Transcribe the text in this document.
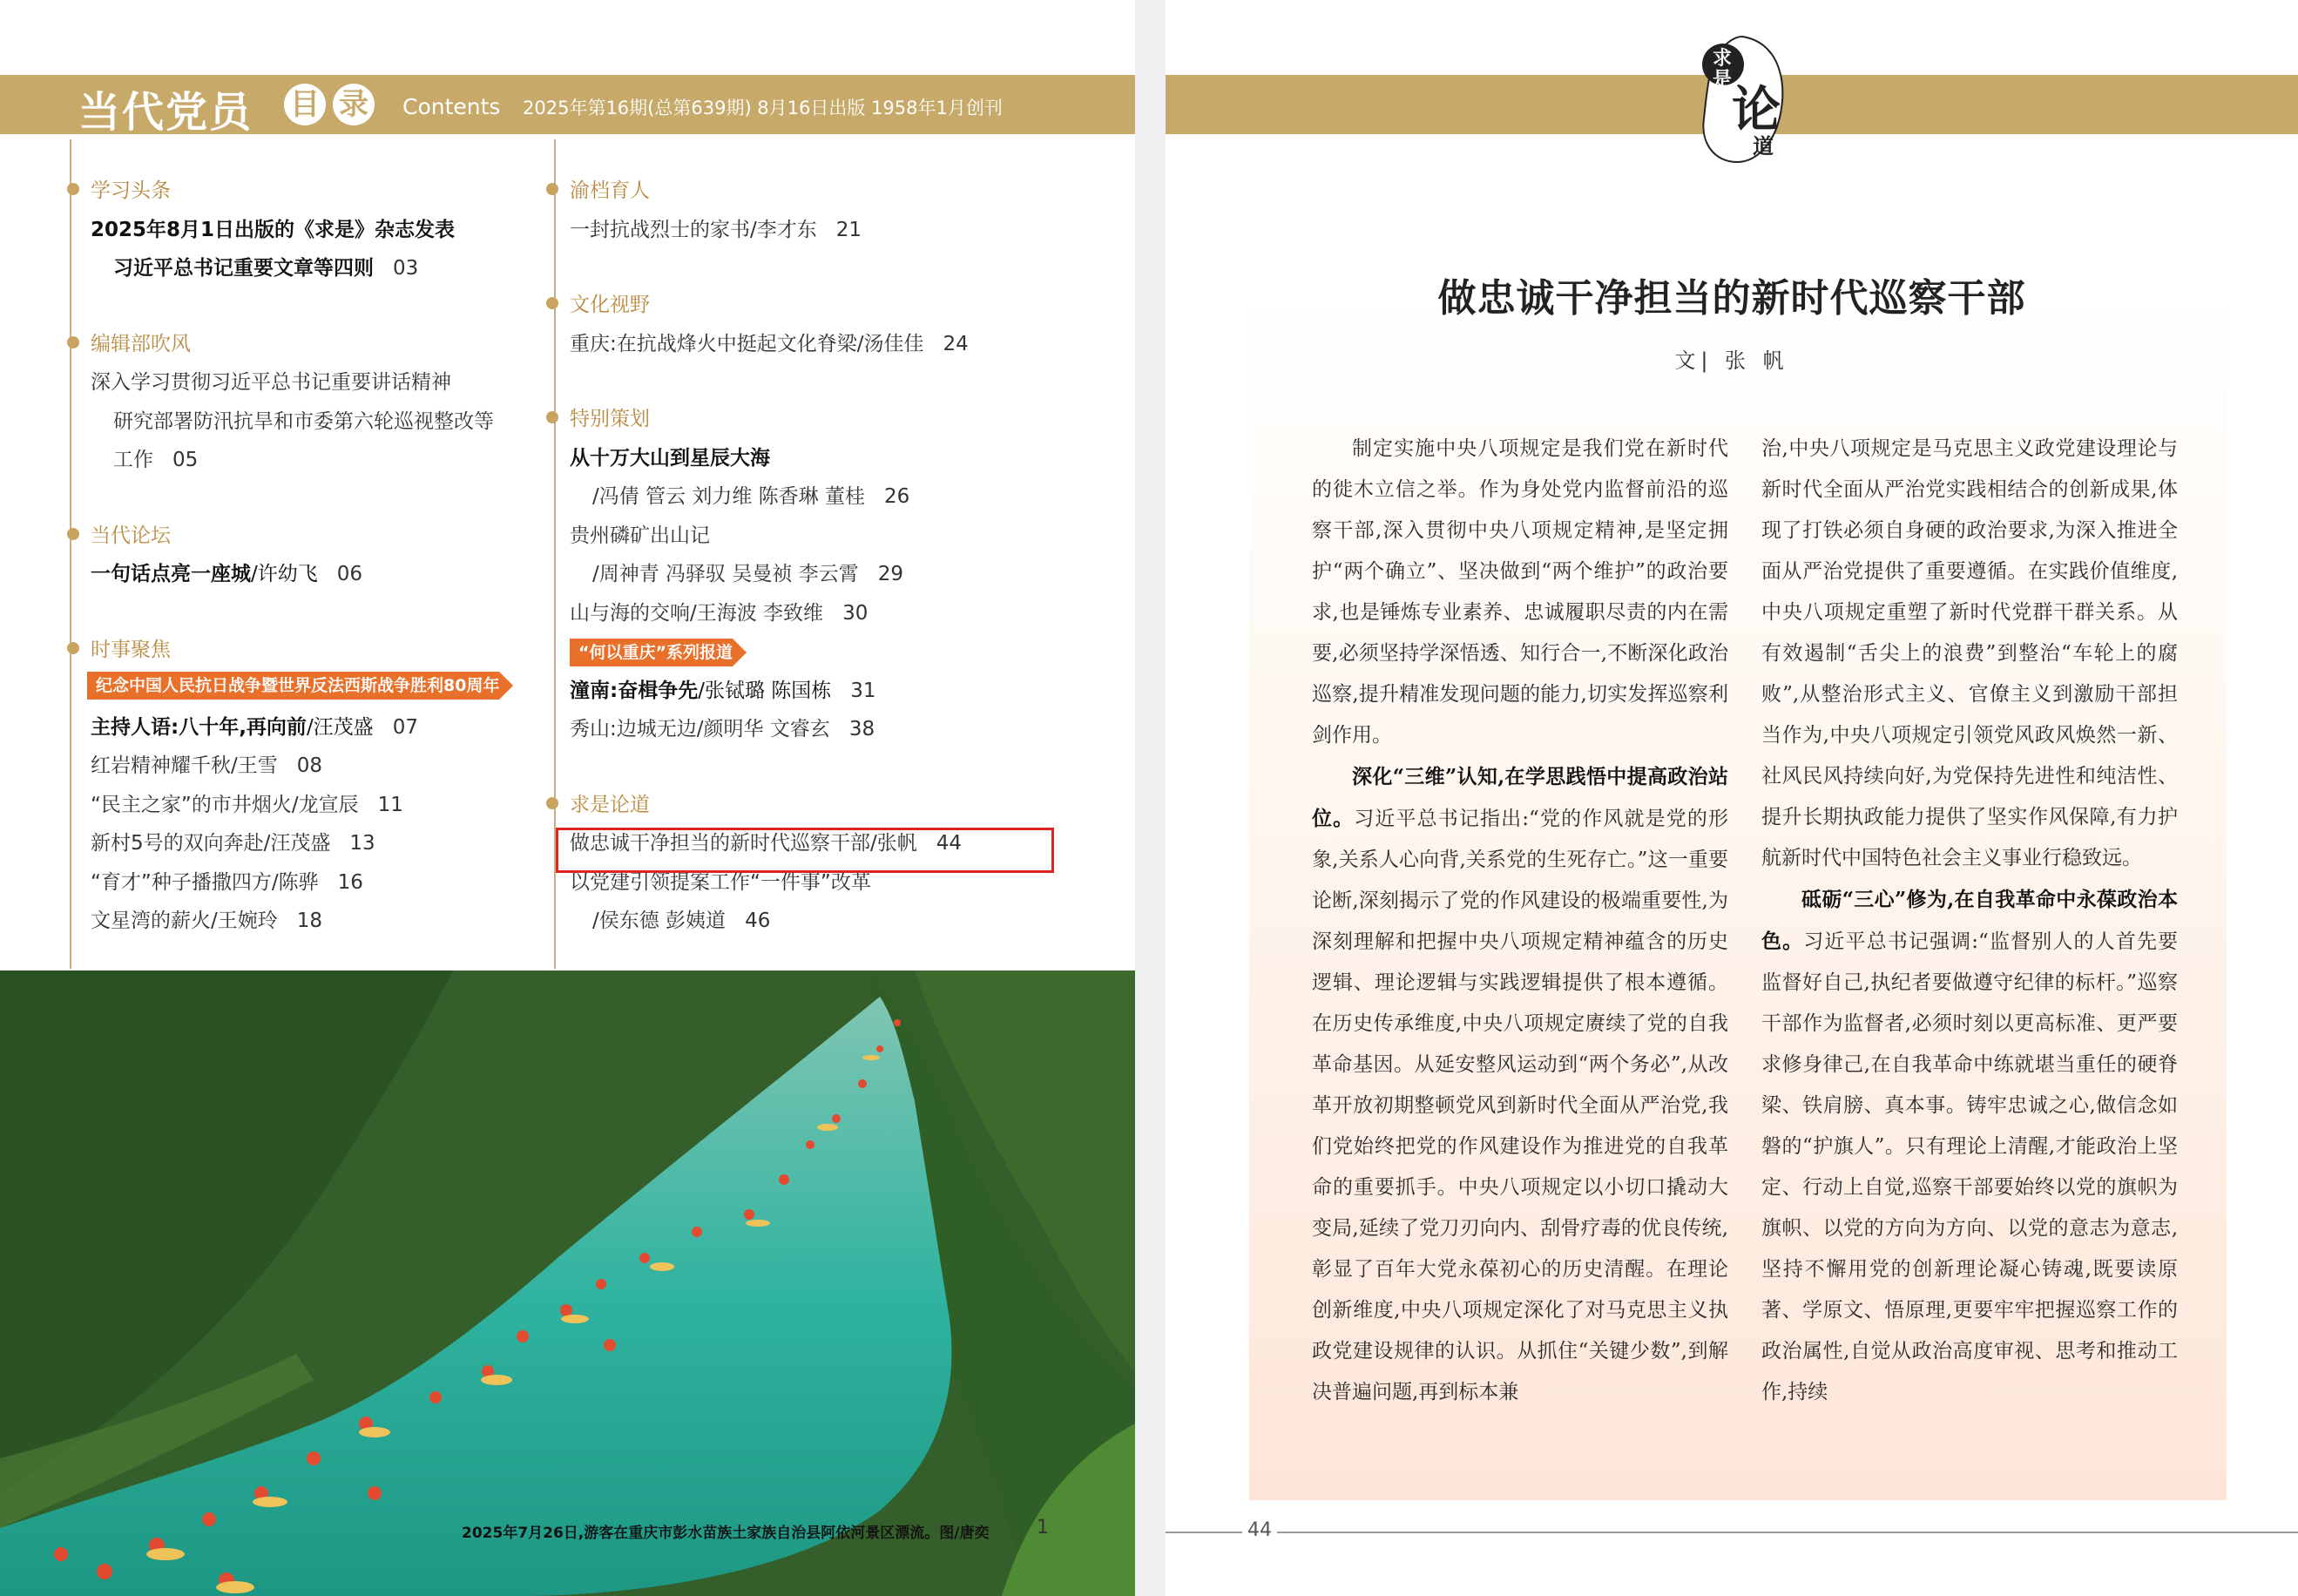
当代党员 目 录 Contents 2025年第16期(总第639期) 8月16日出版 1958年1月创刊
学习头条
2025年8月1日出版的《求是》杂志发表
习近平总书记重要文章等四则 03
编辑部吹风
深入学习贯彻习近平总书记重要讲话精神
研究部署防汛抗旱和市委第六轮巡视整改等
工作 05
当代论坛
一句话点亮一座城/许幼飞 06
时事聚焦
纪念中国人民抗日战争暨世界反法西斯战争胜利80周年
主持人语:八十年,再向前/汪茂盛 07
红岩精神耀千秋/王雪 08
“民主之家”的市井烟火/龙宣辰 11
新村5号的双向奔赴/汪茂盛 13
“育才”种子播撒四方/陈骅 16
文星湾的薪火/王婉玲 18
渝档育人
一封抗战烈士的家书/李才东 21
文化视野
重庆:在抗战烽火中挺起文化脊梁/汤佳佳 24
特别策划
从十万大山到星辰大海
/冯倩 管云 刘力维 陈香琳 董桂 26
贵州磷矿出山记
/周神青 冯驿驭 吴曼祯 李云霄 29
山与海的交响/王海波 李致维 30
“何以重庆”系列报道
潼南:奋楫争先/张铽璐 陈国栋 31
秀山:边城无边/颜明华 文睿玄 38
求是论道
做忠诚干净担当的新时代巡察干部/张帆 44
以党建引领提案工作“一件事”改革
/侯东德 彭姨道 46
2025年7月26日,游客在重庆市彭水苗族土家族自治县阿依河景区漂流。图/唐奕 1
求
是
论
道
做忠诚干净担当的新时代巡察干部
文| 张 帆

制定实施中央八项规定是我们党在新时代的徙木立信之举。作为身处党内监督前沿的巡察干部,深入贯彻中央八项规定精神,是坚定拥护“两个确立”、坚决做到“两个维护”的政治要求,也是锤炼专业素养、忠诚履职尽责的内在需要,必须坚持学深悟透、知行合一,不断深化政治巡察,提升精准发现问题的能力,切实发挥巡察利剑作用。

深化“三维”认知,在学思践悟中提高政治站位。习近平总书记指出:“党的作风就是党的形象,关系人心向背,关系党的生死存亡。”这一重要论断,深刻揭示了党的作风建设的极端重要性,为深刻理解和把握中央八项规定精神蕴含的历史逻辑、理论逻辑与实践逻辑提供了根本遵循。在历史传承维度,中央八项规定赓续了党的自我革命基因。从延安整风运动到“两个务必”,从改革开放初期整顿党风到新时代全面从严治党,我们党始终把党的作风建设作为推进党的自我革命的重要抓手。中央八项规定以小切口撬动大变局,延续了党刀刃向内、刮骨疗毒的优良传统,彰显了百年大党永葆初心的历史清醒。在理论创新维度,中央八项规定深化了对马克思主义执政党建设规律的认识。从抓住“关键少数”,到解决普遍问题,再到标本兼

治,中央八项规定是马克思主义政党建设理论与新时代全面从严治党实践相结合的创新成果,体现了打铁必须自身硬的政治要求,为深入推进全面从严治党提供了重要遵循。在实践价值维度,中央八项规定重塑了新时代党群干群关系。从有效遏制“舌尖上的浪费”到整治“车轮上的腐败”,从整治形式主义、官僚主义到激励干部担当作为,中央八项规定引领党风政风焕然一新、社风民风持续向好,为党保持先进性和纯洁性、提升长期执政能力提供了坚实作风保障,有力护航新时代中国特色社会主义事业行稳致远。

砥砺“三心”修为,在自我革命中永葆政治本色。习近平总书记强调:“监督别人的人首先要监督好自己,执纪者要做遵守纪律的标杆。”巡察干部作为监督者,必须时刻以更高标准、更严要求修身律己,在自我革命中练就堪当重任的硬脊梁、铁肩膀、真本事。铸牢忠诚之心,做信念如磐的“护旗人”。只有理论上清醒,才能政治上坚定、行动上自觉,巡察干部要始终以党的旗帜为旗帜、以党的方向为方向、以党的意志为意志,坚持不懈用党的创新理论凝心铸魂,既要读原著、学原文、悟原理,更要牢牢把握巡察工作的政治属性,自觉从政治高度审视、思考和推动工作,持续

44
